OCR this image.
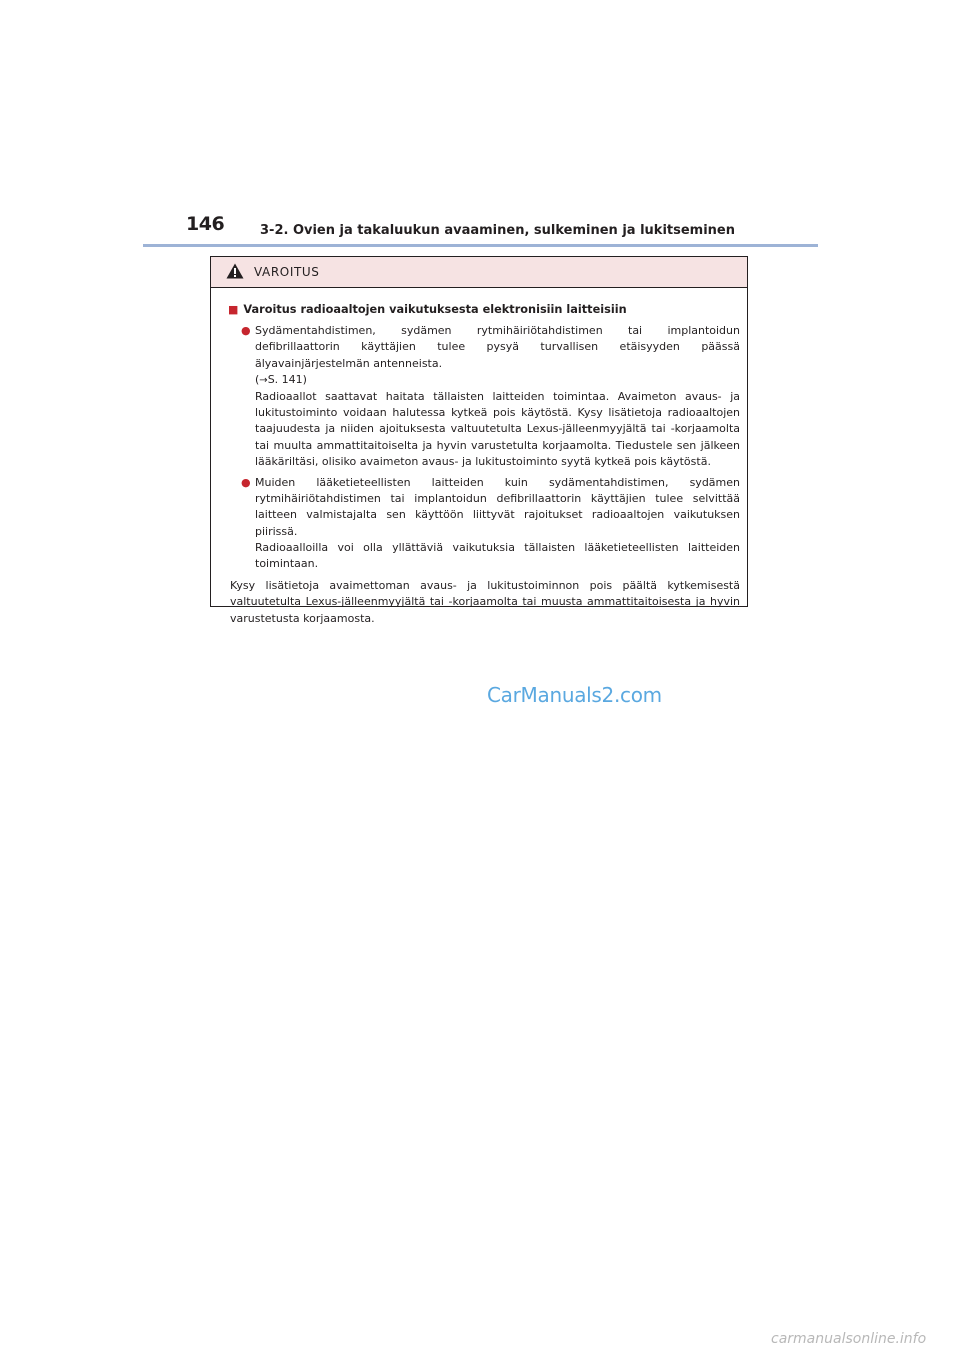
146	3-2. Ovien ja takaluukun avaaminen, sulkeminen ja lukitseminen
VAROITUS
■ Varoitus radioaaltojen vaikutuksesta elektronisiin laitteisiin
● Sydämentahdistimen, sydämen rytmihäiriötahdistimen tai implantoidun defibrillaattorin käyttäjien tulee pysyä turvallisen etäisyyden päässä älyavainjärjestelmän antenneista.
(→S. 141)
Radioaallot saattavat haitata tällaisten laitteiden toimintaa. Avaimeton avaus- ja lukitustoiminto voidaan halutessa kytkeä pois käytöstä. Kysy lisätietoja radioaaltojen taajuudesta ja niiden ajoituksesta valtuutetulta Lexus-jälleenmyyjältä tai -korjaamolta tai muulta ammattitaitoiselta ja hyvin varustetulta korjaamolta. Tiedustele sen jälkeen lääkäriltäsi, olisiko avaimeton avaus- ja lukitustoiminto syytä kytkeä pois käytöstä.
● Muiden lääketieteellisten laitteiden kuin sydämentahdistimen, sydämen rytmihäiriötahdistimen tai implantoidun defibrillaattorin käyttäjien tulee selvittää laitteen valmistajalta sen käyttöön liittyvät rajoitukset radioaaltojen vaikutuksen piirissä.
Radioaalloilla voi olla yllättäviä vaikutuksia tällaisten lääketieteellisten laitteiden toimintaan.
Kysy lisätietoja avaimettoman avaus- ja lukitustoiminnon pois päältä kytkemisestä valtuutetulta Lexus-jälleenmyyjältä tai -korjaamolta tai muusta ammattitaitoisesta ja hyvin varustetusta korjaamosta.
CarManuals2.com
carmanualsonline.info
